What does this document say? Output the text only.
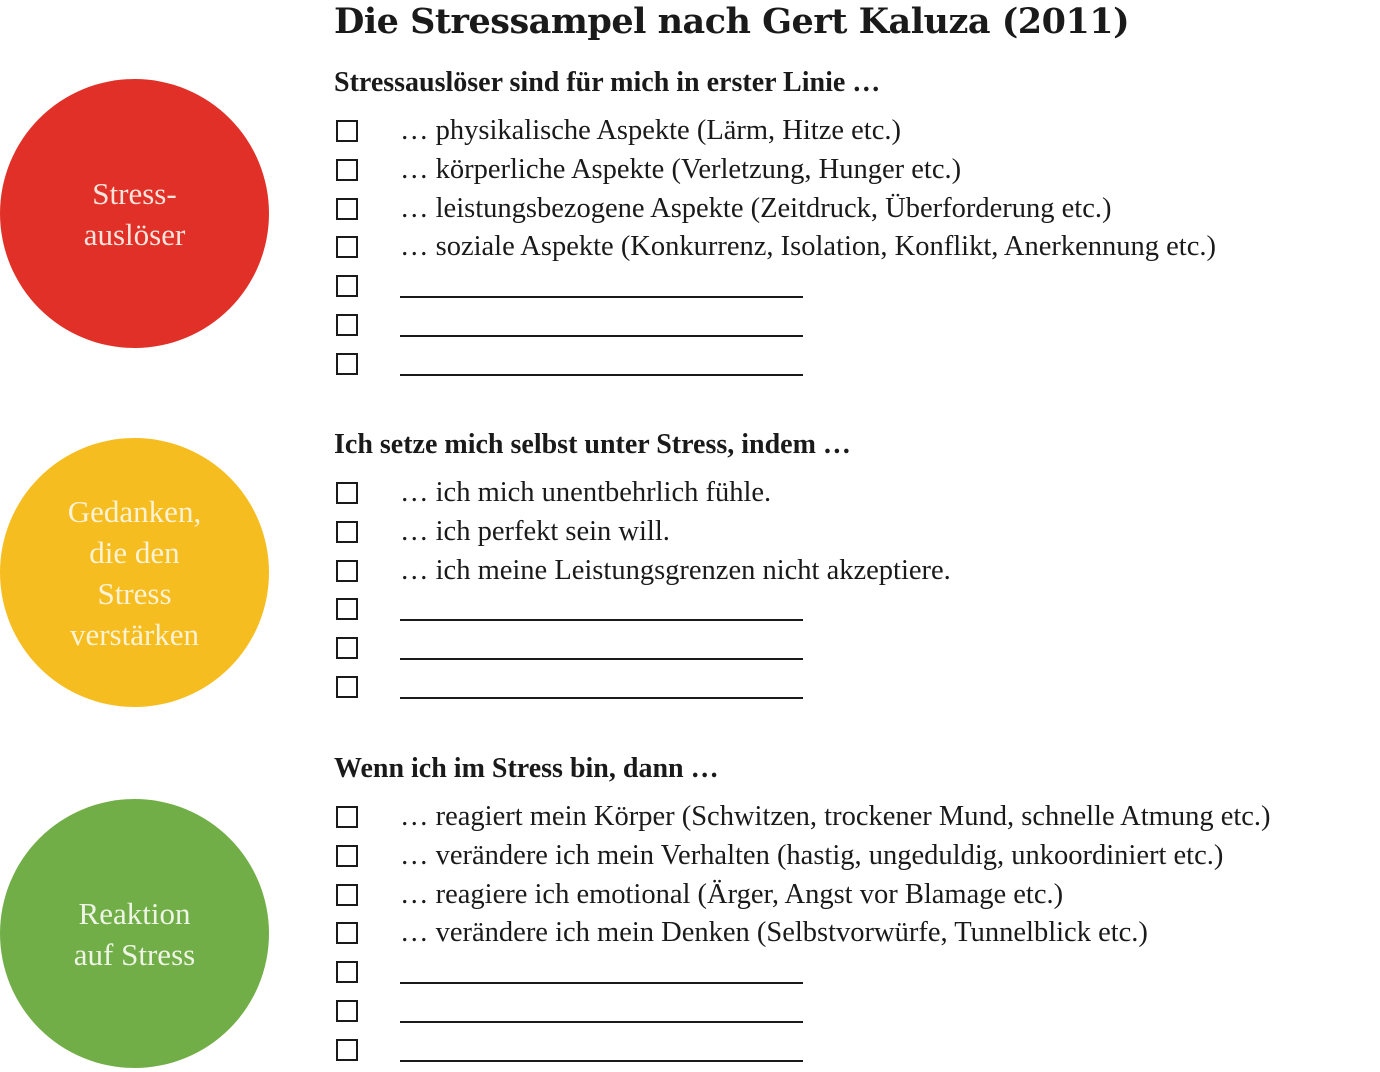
Die Stressampel nach Gert Kaluza (2011)
Stress-
auslöser
Gedanken,
die den
Stress
verstärken
Reaktion
auf Stress
Stressauslöser sind für mich in erster Linie …
… physikalische Aspekte (Lärm, Hitze etc.)
… körperliche Aspekte (Verletzung, Hunger etc.)
… leistungsbezogene Aspekte (Zeitdruck, Überforderung etc.)
… soziale Aspekte (Konkurrenz, Isolation, Konflikt, Anerkennung etc.)
Ich setze mich selbst unter Stress, indem …
… ich mich unentbehrlich fühle.
… ich perfekt sein will.
… ich meine Leistungsgrenzen nicht akzeptiere.
Wenn ich im Stress bin, dann …
… reagiert mein Körper (Schwitzen, trockener Mund, schnelle Atmung etc.)
… verändere ich mein Verhalten (hastig, ungeduldig, unkoordiniert etc.)
… reagiere ich emotional (Ärger, Angst vor Blamage etc.)
… verändere ich mein Denken (Selbstvorwürfe, Tunnelblick etc.)
